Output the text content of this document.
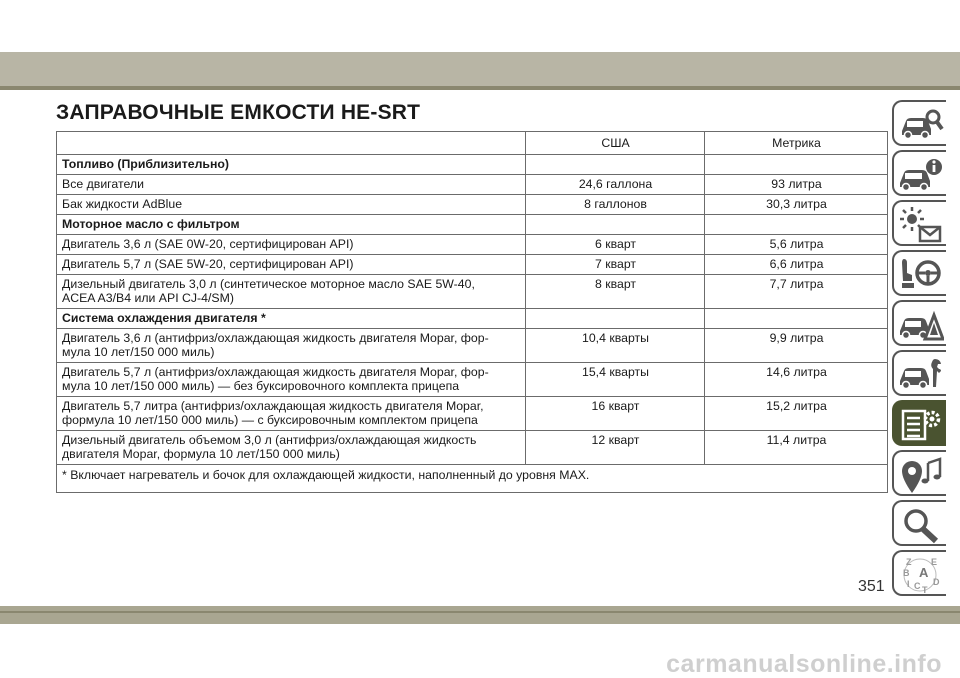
ЗАПРАВОЧНЫЕ ЕМКОСТИ HE-SRT
	США	Метрика
Топливо (Приблизительно)		
Все двигатели	24,6 галлона	93 литра
Бак жидкости AdBlue	8 галлонов	30,3 литра
Моторное масло с фильтром		
Двигатель 3,6 л (SAE 0W-20, сертифицирован API)	6 кварт	5,6 литра
Двигатель 5,7 л (SAE 5W-20, сертифицирован API)	7 кварт	6,6 литра
Дизельный двигатель 3,0 л (синтетическое моторное масло SAE 5W-40,
ACEA A3/B4 или API CJ-4/SM)	8 кварт	7,7 литра
Система охлаждения двигателя *		
Двигатель 3,6 л (антифриз/охлаждающая жидкость двигателя Mopar, фор-
мула 10 лет/150 000 миль)	10,4 кварты	9,9 литра
Двигатель 5,7 л (антифриз/охлаждающая жидкость двигателя Mopar, фор-
мула 10 лет/150 000 миль) — без буксировочного комплекта прицепа	15,4 кварты	14,6 литра
Двигатель 5,7 литра (антифриз/охлаждающая жидкость двигателя Mopar,
формула 10 лет/150 000 миль) — с буксировочным комплектом прицепа	16 кварт	15,2 литра
Дизельный двигатель объемом 3,0 л (антифриз/охлаждающая жидкость
двигателя Mopar, формула 10 лет/150 000 миль)	12 кварт	11,4 литра
* Включает нагреватель и бочок для охлаждающей жидкости, наполненный до уровня MAX.		
Z E
B A
I C T
D
351
carmanualsonline.info
